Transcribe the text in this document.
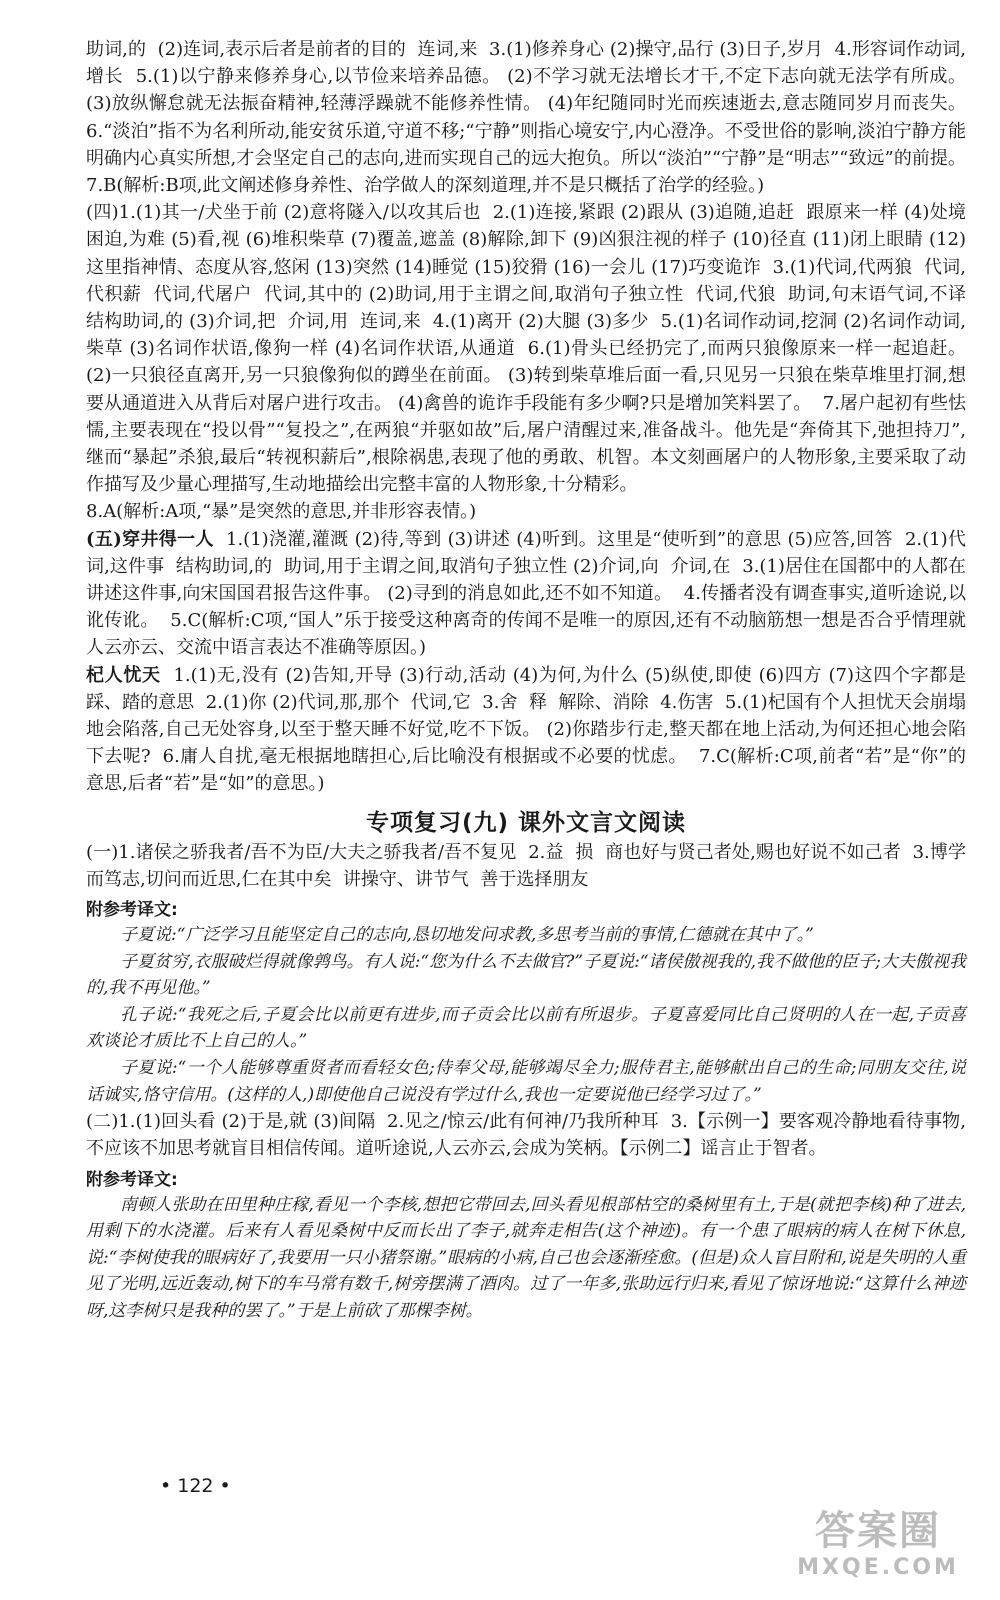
助词,的  (2)连词,表示后者是前者的目的  连词,来  3.(1)修养身心 (2)操守,品行 (3)日子,岁月  4.形容词作动词,增长  5.(1)以宁静来修养身心,以节俭来培养品德。 (2)不学习就无法增长才干,不定下志向就无法学有所成。  (3)放纵懈怠就无法振奋精神,轻薄浮躁就不能修养性情。 (4)年纪随同时光而疾速逝去,意志随同岁月而丧失。  6.“淡泊”指不为名利所动,能安贫乐道,守道不移;“宁静”则指心境安宁,内心澄净。不受世俗的影响,淡泊宁静方能明确内心真实所想,才会坚定自己的志向,进而实现自己的远大抱负。所以“淡泊”“宁静”是“明志”“致远”的前提。  7.B(解析:B项,此文阐述修身养性、治学做人的深刻道理,并不是只概括了治学的经验。)

(四)1.(1)其一/犬坐于前 (2)意将隧入/以攻其后也  2.(1)连接,紧跟 (2)跟从 (3)追随,追赶  跟原来一样 (4)处境困迫,为难 (5)看,视 (6)堆积柴草 (7)覆盖,遮盖 (8)解除,卸下 (9)凶狠注视的样子 (10)径直 (11)闭上眼睛 (12)这里指神情、态度从容,悠闲 (13)突然 (14)睡觉 (15)狡猾 (16)一会儿 (17)巧变诡诈  3.(1)代词,代两狼  代词,代积薪  代词,代屠户  代词,其中的 (2)助词,用于主谓之间,取消句子独立性  代词,代狼  助词,句末语气词,不译  结构助词,的 (3)介词,把  介词,用  连词,来  4.(1)离开 (2)大腿 (3)多少  5.(1)名词作动词,挖洞 (2)名词作动词,柴草 (3)名词作状语,像狗一样 (4)名词作状语,从通道  6.(1)骨头已经扔完了,而两只狼像原来一样一起追赶。 (2)一只狼径直离开,另一只狼像狗似的蹲坐在前面。 (3)转到柴草堆后面一看,只见另一只狼在柴草堆里打洞,想要从通道进入从背后对屠户进行攻击。 (4)禽兽的诡诈手段能有多少啊?只是增加笑料罢了。  7.屠户起初有些怯懦,主要表现在“投以骨”“复投之”,在两狼“并驱如故”后,屠户清醒过来,准备战斗。他先是“奔倚其下,弛担持刀”,继而“暴起”杀狼,最后“转视积薪后”,根除祸患,表现了他的勇敢、机智。本文刻画屠户的人物形象,主要采取了动作描写及少量心理描写,生动地描绘出完整丰富的人物形象,十分精彩。

8.A(解析:A项,“暴”是突然的意思,并非形容表情。)

(五)穿井得一人  1.(1)浇灌,灌溉 (2)待,等到 (3)讲述 (4)听到。这里是“使听到”的意思 (5)应答,回答  2.(1)代词,这件事  结构助词,的  助词,用于主谓之间,取消句子独立性 (2)介词,向  介词,在  3.(1)居住在国都中的人都在讲述这件事,向宋国国君报告这件事。 (2)寻到的消息如此,还不如不知道。  4.传播者没有调查事实,道听途说,以讹传讹。  5.C(解析:C项,“国人”乐于接受这种离奇的传闻不是唯一的原因,还有不动脑筋想一想是否合乎情理就人云亦云、交流中语言表达不准确等原因。)

杞人忧天  1.(1)无,没有 (2)告知,开导 (3)行动,活动 (4)为何,为什么 (5)纵使,即使 (6)四方 (7)这四个字都是踩、踏的意思  2.(1)你 (2)代词,那,那个  代词,它  3.舍  释  解除、消除  4.伤害  5.(1)杞国有个人担忧天会崩塌地会陷落,自己无处容身,以至于整天睡不好觉,吃不下饭。 (2)你踏步行走,整天都在地上活动,为何还担心地会陷下去呢?  6.庸人自扰,毫无根据地瞎担心,后比喻没有根据或不必要的忧虑。  7.C(解析:C项,前者“若”是“你”的意思,后者“若”是“如”的意思。)

专项复习(九) 课外文言文阅读

(一)1.诸侯之骄我者/吾不为臣/大夫之骄我者/吾不复见  2.益  损  商也好与贤己者处,赐也好说不如己者  3.博学而笃志,切问而近思,仁在其中矣  讲操守、讲节气  善于选择朋友

附参考译文:

子夏说:“广泛学习且能坚定自己的志向,恳切地发问求教,多思考当前的事情,仁德就在其中了。”

子夏贫穷,衣服破烂得就像鹑鸟。有人说:“您为什么不去做官?”子夏说:“诸侯傲视我的,我不做他的臣子;大夫傲视我的,我不再见他。”

孔子说:“我死之后,子夏会比以前更有进步,而子贡会比以前有所退步。子夏喜爱同比自己贤明的人在一起,子贡喜欢谈论才质比不上自己的人。”

子夏说:“一个人能够尊重贤者而看轻女色;侍奉父母,能够竭尽全力;服侍君主,能够献出自己的生命;同朋友交往,说话诚实,恪守信用。(这样的人,)即使他自己说没有学过什么,我也一定要说他已经学习过了。”

(二)1.(1)回头看 (2)于是,就 (3)间隔  2.见之/惊云/此有何神/乃我所种耳  3.【示例一】要客观冷静地看待事物,不应该不加思考就盲目相信传闻。道听途说,人云亦云,会成为笑柄。【示例二】谣言止于智者。

附参考译文:

南顿人张助在田里种庄稼,看见一个李核,想把它带回去,回头看见根部枯空的桑树里有土,于是(就把李核)种了进去,用剩下的水浇灌。后来有人看见桑树中反而长出了李子,就奔走相告(这个神迹)。有一个患了眼病的病人在树下休息,说:“李树使我的眼病好了,我要用一只小猪祭谢。”眼病的小病,自己也会逐渐痊愈。(但是)众人盲目附和,说是失明的人重见了光明,远近轰动,树下的车马常有数千,树旁摆满了酒肉。过了一年多,张助远行归来,看见了惊讶地说:“这算什么神迹呀,这李树只是我种的罢了。”于是上前砍了那棵李树。

• 122 •
答案圈
MXQE.COM
